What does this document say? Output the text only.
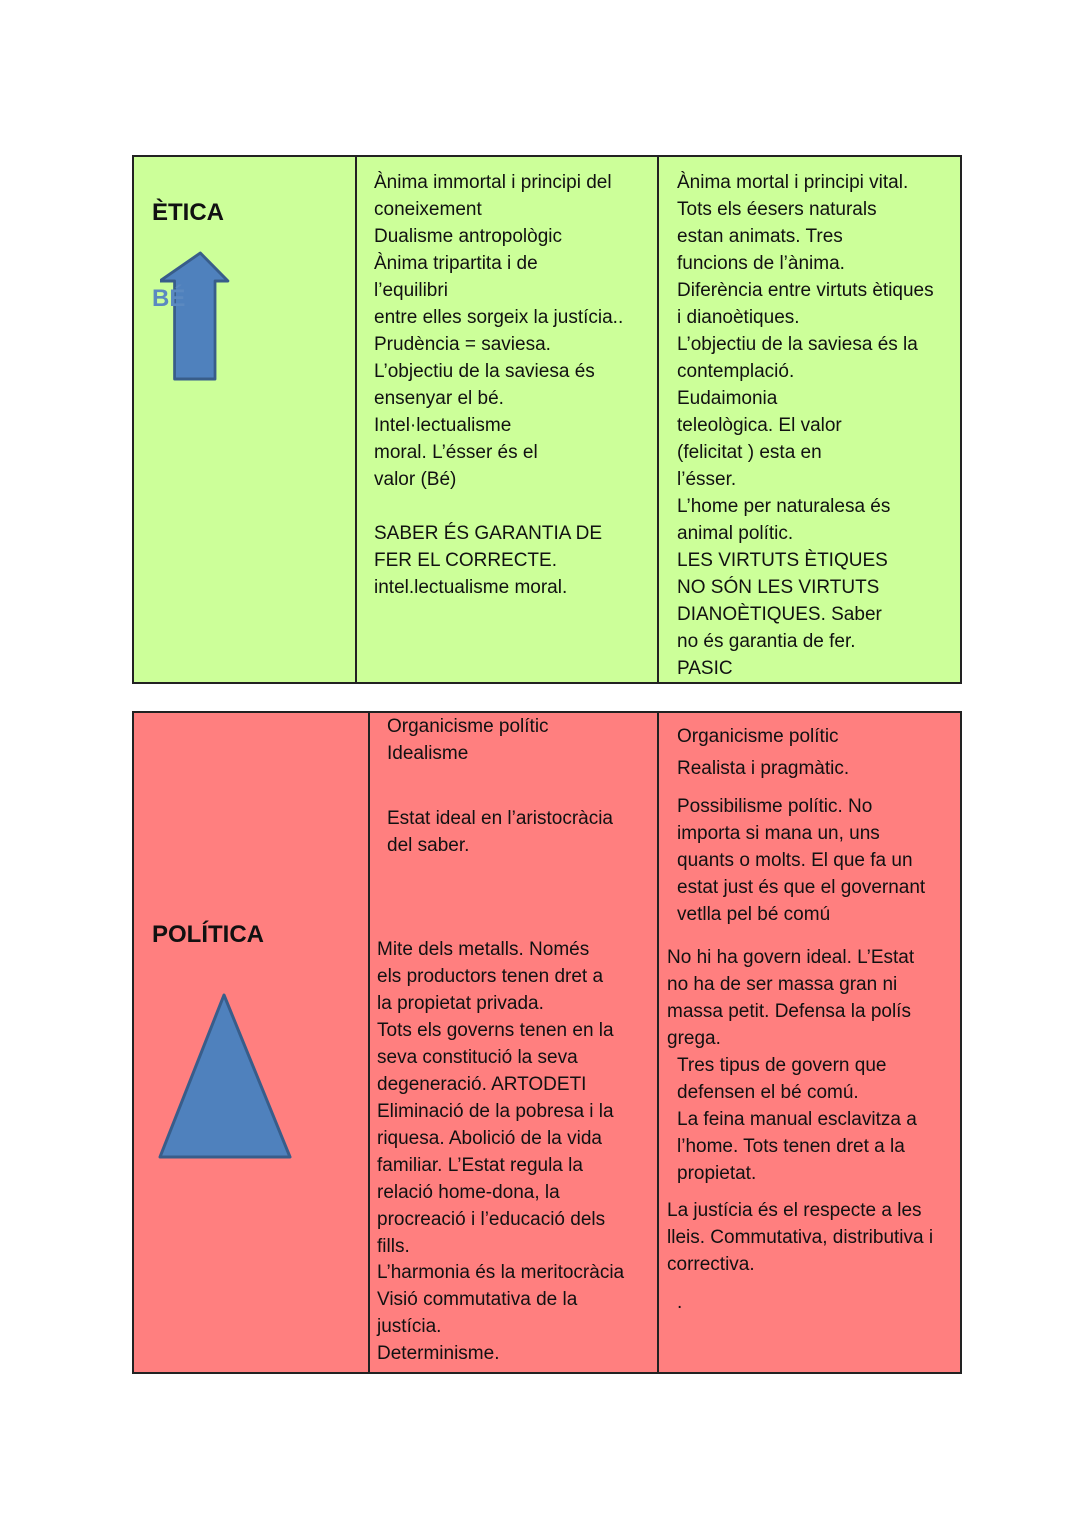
ÈTICA
BÉ
Ànima immortal i principi del
coneixement
Dualisme antropològic
Ànima tripartita i de
l’equilibri
entre elles sorgeix la justícia..
Prudència = saviesa.
L’objectiu de la saviesa és
ensenyar el bé.
Intel·lectualisme
moral. L’ésser és el
valor (Bé)
SABER ÉS GARANTIA DE
FER EL CORRECTE.
intel.lectualisme moral.
Ànima mortal i principi vital.
Tots els éesers naturals
estan animats. Tres
funcions de l’ànima.
Diferència entre virtuts ètiques
i dianoètiques.
L’objectiu de la saviesa és la
contemplació.
Eudaimonia
teleològica. El valor
(felicitat ) esta en
l’ésser.
L’home per naturalesa és
animal polític.
LES VIRTUTS ÈTIQUES
NO SÓN LES VIRTUTS
DIANOÈTIQUES. Saber
no és garantia de fer.
PASIC
POLÍTICA
Organicisme polític
Idealisme
Estat ideal en l’aristocràcia
del saber.
Mite dels metalls. Només
els productors tenen dret a
la propietat privada.
Tots els governs tenen en la
seva constitució la seva
degeneració. ARTODETI
Eliminació de la pobresa i la
riquesa. Abolició de la vida
familiar. L’Estat regula la
relació home-dona, la
procreació i l’educació dels
fills.
L’harmonia és la meritocràcia
Visió commutativa de la
justícia.
Determinisme.
Organicisme polític
Realista i pragmàtic.
Possibilisme polític. No
importa si mana un, uns
quants o molts. El que fa un
estat just és que el governant
vetlla pel bé comú
No hi ha govern ideal. L’Estat
no ha de ser massa gran ni
massa petit. Defensa la polís
grega.
Tres tipus de govern que
defensen el bé comú.
La feina manual esclavitza a
l’home. Tots tenen dret a la
propietat.
La justícia és el respecte a les
lleis. Commutativa, distributiva i
correctiva.
.
